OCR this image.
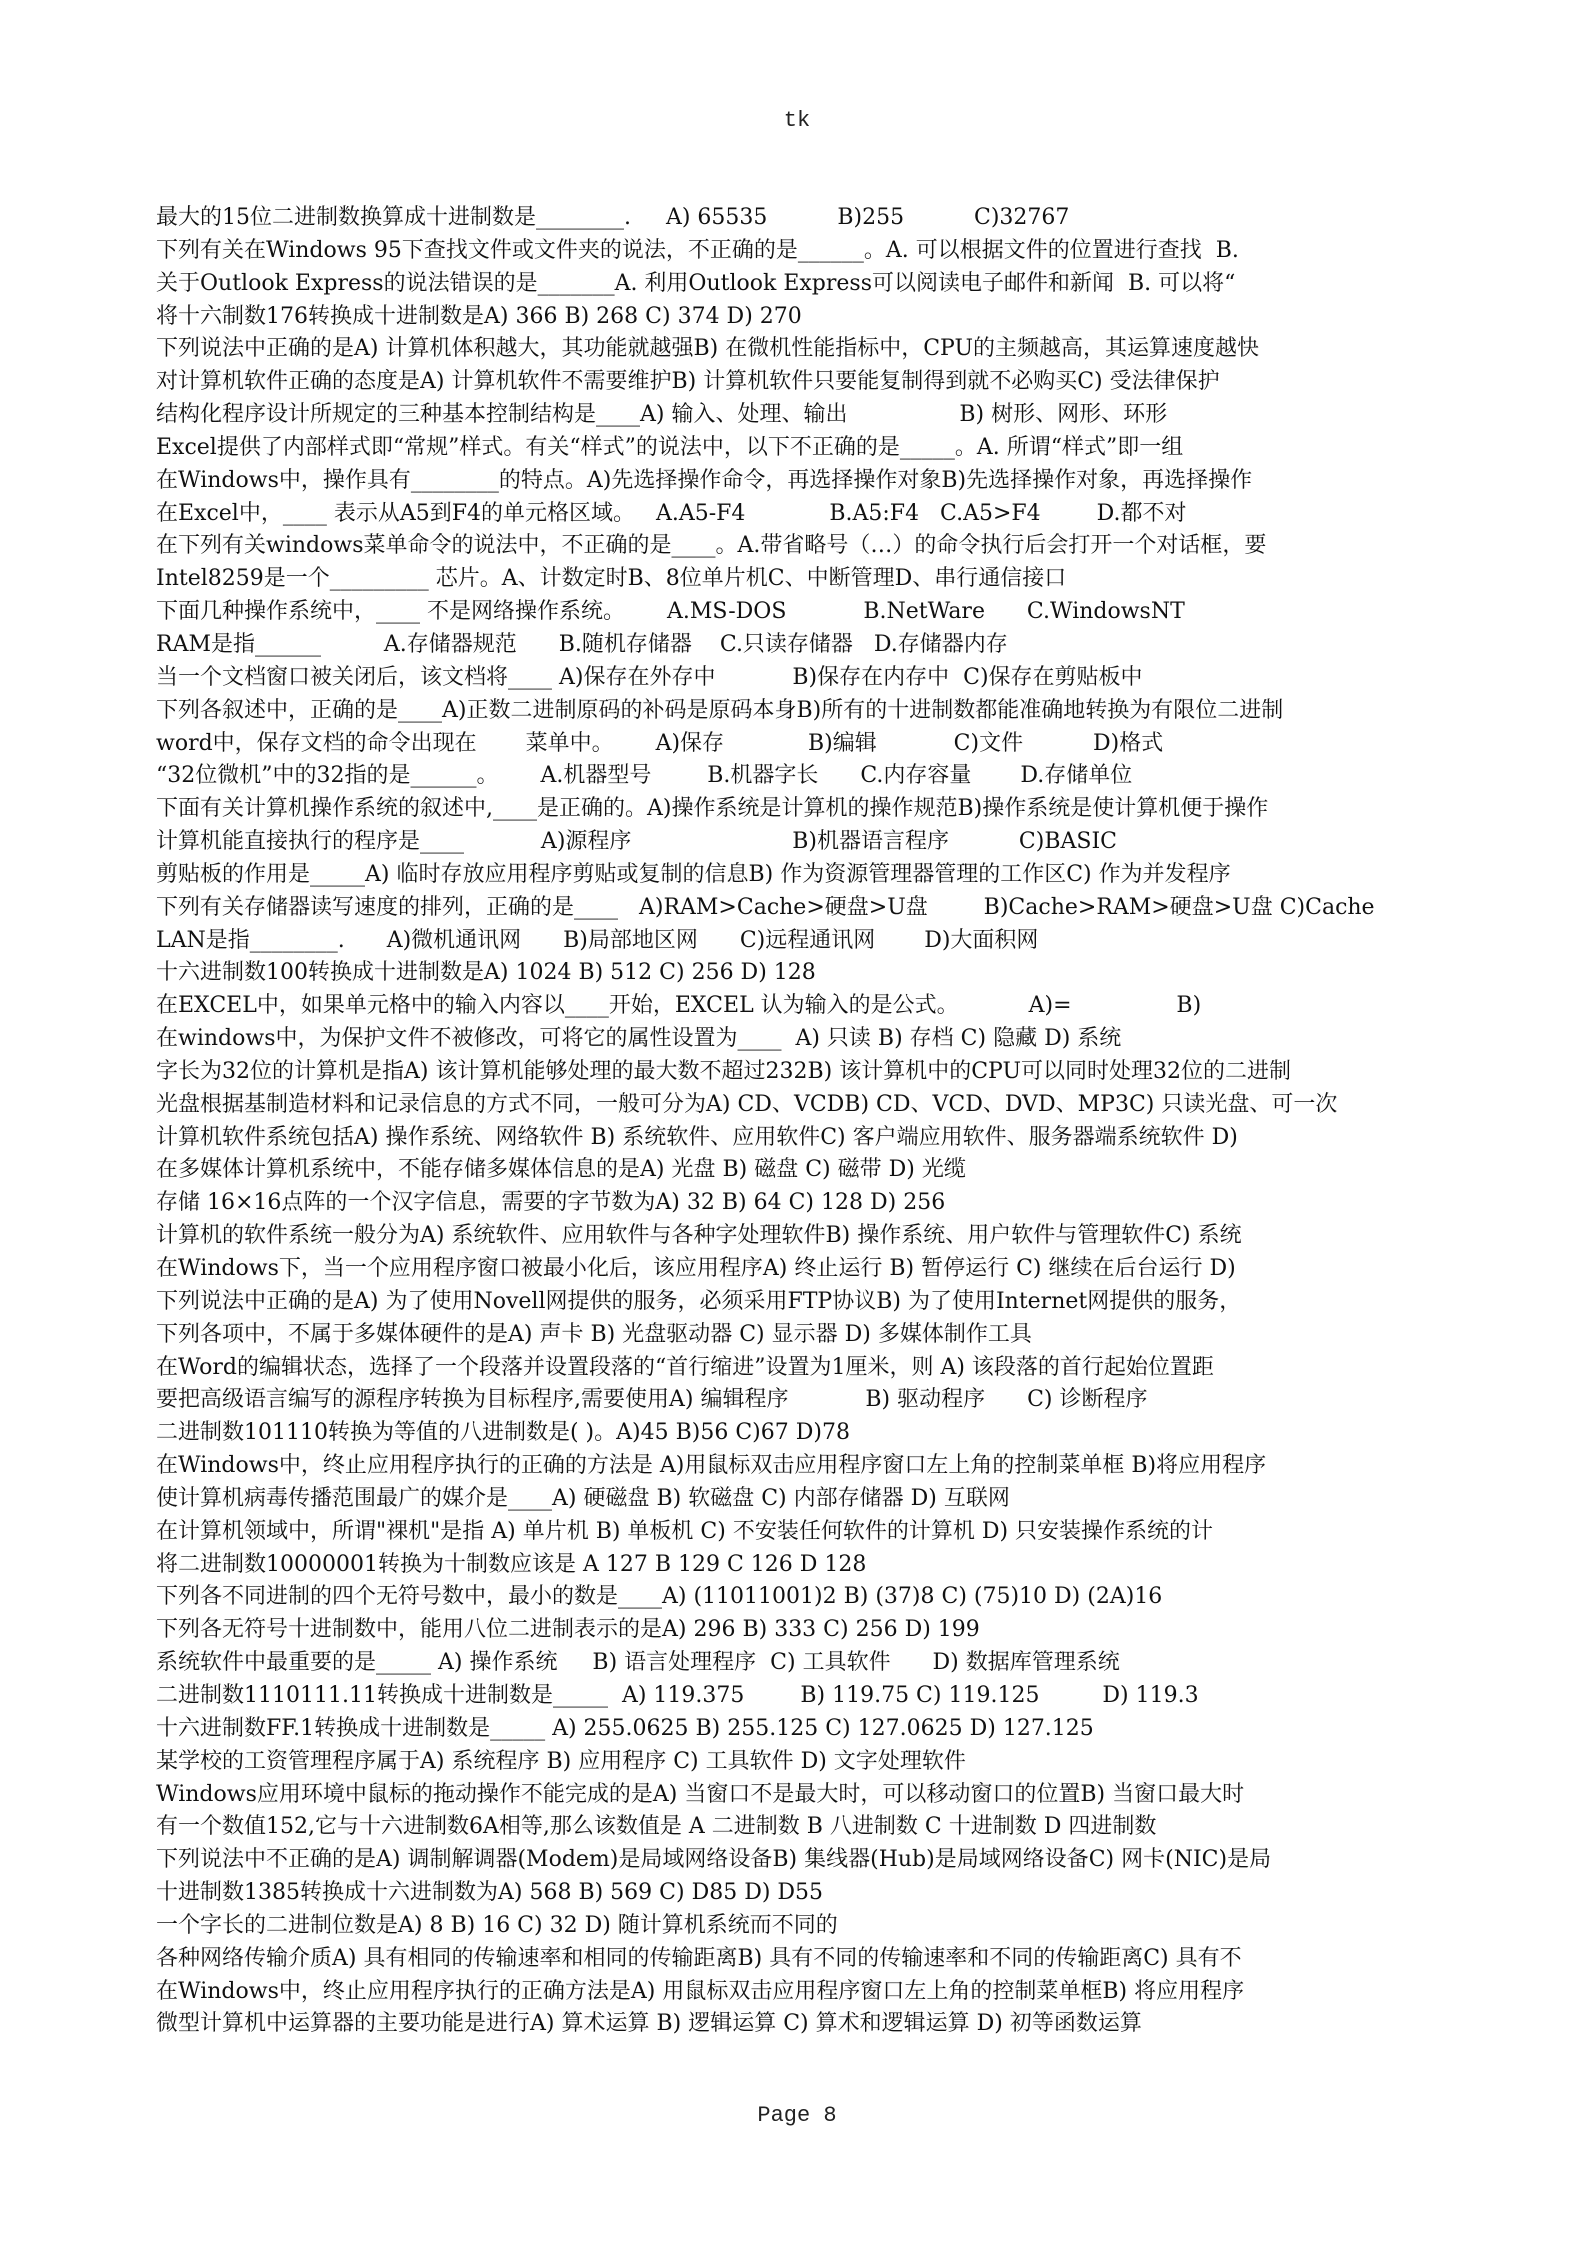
tk
最大的15位二进制数换算成十进制数是________.     A) 65535          B)255          C)32767
下列有关在Windows 95下查找文件或文件夹的说法，不正确的是______。A. 可以根据文件的位置进行查找  B.
关于Outlook Express的说法错误的是_______A. 利用Outlook Express可以阅读电子邮件和新闻  B. 可以将“
将十六制数176转换成十进制数是A) 366 B) 268 C) 374 D) 270
下列说法中正确的是A) 计算机体积越大，其功能就越强B) 在微机性能指标中，CPU的主频越高，其运算速度越快
对计算机软件正确的态度是A) 计算机软件不需要维护B) 计算机软件只要能复制得到就不必购买C) 受法律保护
结构化程序设计所规定的三种基本控制结构是____A) 输入、处理、输出                B) 树形、网形、环形
Excel提供了内部样式即“常规”样式。有关“样式”的说法中，以下不正确的是_____。A. 所谓“样式”即一组
在Windows中，操作具有________的特点。A)先选择操作命令，再选择操作对象B)先选择操作对象，再选择操作
在Excel中，____ 表示从A5到F4的单元格区域。   A.A5-F4            B.A5:F4   C.A5>F4        D.都不对
在下列有关windows菜单命令的说法中，不正确的是____。A.带省略号（…）的命令执行后会打开一个对话框，要
Intel8259是一个_________ 芯片。A、计数定时B、8位单片机C、中断管理D、串行通信接口
下面几种操作系统中，____ 不是网络操作系统。      A.MS-DOS           B.NetWare      C.WindowsNT
RAM是指______         A.存储器规范      B.随机存储器    C.只读存储器   D.存储器内存
当一个文档窗口被关闭后，该文档将____ A)保存在外存中           B)保存在内存中  C)保存在剪贴板中
下列各叙述中，正确的是____A)正数二进制原码的补码是原码本身B)所有的十进制数都能准确地转换为有限位二进制
word中，保存文档的命令出现在       菜单中。      A)保存            B)编辑           C)文件          D)格式
“32位微机”中的32指的是______。      A.机器型号        B.机器字长      C.内存容量       D.存储单位
下面有关计算机操作系统的叙述中,____是正确的。A)操作系统是计算机的操作规范B)操作系统是使计算机便于操作
计算机能直接执行的程序是____           A)源程序                       B)机器语言程序          C)BASIC
剪贴板的作用是_____A) 临时存放应用程序剪贴或复制的信息B) 作为资源管理器管理的工作区C) 作为并发程序
下列有关存储器读写速度的排列，正确的是____   A)RAM>Cache>硬盘>U盘        B)Cache>RAM>硬盘>U盘 C)Cache
LAN是指________.      A)微机通讯网      B)局部地区网      C)远程通讯网       D)大面积网
十六进制数100转换成十进制数是A) 1024 B) 512 C) 256 D) 128
在EXCEL中，如果单元格中的输入内容以____开始，EXCEL 认为输入的是公式。          A)=               B)
在windows中，为保护文件不被修改，可将它的属性设置为____  A) 只读 B) 存档 C) 隐藏 D) 系统
字长为32位的计算机是指A) 该计算机能够处理的最大数不超过232B) 该计算机中的CPU可以同时处理32位的二进制
光盘根据基制造材料和记录信息的方式不同，一般可分为A) CD、VCDB) CD、VCD、DVD、MP3C) 只读光盘、可一次
计算机软件系统包括A) 操作系统、网络软件 B) 系统软件、应用软件C) 客户端应用软件、服务器端系统软件 D)
在多媒体计算机系统中，不能存储多媒体信息的是A) 光盘 B) 磁盘 C) 磁带 D) 光缆
存储 16×16点阵的一个汉字信息，需要的字节数为A) 32 B) 64 C) 128 D) 256
计算机的软件系统一般分为A) 系统软件、应用软件与各种字处理软件B) 操作系统、用户软件与管理软件C) 系统
在Windows下，当一个应用程序窗口被最小化后，该应用程序A) 终止运行 B) 暂停运行 C) 继续在后台运行 D)
下列说法中正确的是A) 为了使用Novell网提供的服务，必须采用FTP协议B) 为了使用Internet网提供的服务，
下列各项中，不属于多媒体硬件的是A) 声卡 B) 光盘驱动器 C) 显示器 D) 多媒体制作工具
在Word的编辑状态，选择了一个段落并设置段落的“首行缩进”设置为1厘米，则 A) 该段落的首行起始位置距
要把高级语言编写的源程序转换为目标程序,需要使用A) 编辑程序           B) 驱动程序      C) 诊断程序
二进制数101110转换为等值的八进制数是( )。A)45 B)56 C)67 D)78
在Windows中，终止应用程序执行的正确的方法是 A)用鼠标双击应用程序窗口左上角的控制菜单框 B)将应用程序
使计算机病毒传播范围最广的媒介是____A) 硬磁盘 B) 软磁盘 C) 内部存储器 D) 互联网
在计算机领域中，所谓"裸机"是指 A) 单片机 B) 单板机 C) 不安装任何软件的计算机 D) 只安装操作系统的计
将二进制数10000001转换为十制数应该是 A 127 B 129 C 126 D 128
下列各不同进制的四个无符号数中，最小的数是____A) (11011001)2 B) (37)8 C) (75)10 D) (2A)16
下列各无符号十进制数中，能用八位二进制表示的是A) 296 B) 333 C) 256 D) 199
系统软件中最重要的是_____ A) 操作系统     B) 语言处理程序  C) 工具软件      D) 数据库管理系统
二进制数1110111.11转换成十进制数是_____  A) 119.375        B) 119.75 C) 119.125         D) 119.3
十六进制数FF.1转换成十进制数是_____ A) 255.0625 B) 255.125 C) 127.0625 D) 127.125
某学校的工资管理程序属于A) 系统程序 B) 应用程序 C) 工具软件 D) 文字处理软件
Windows应用环境中鼠标的拖动操作不能完成的是A) 当窗口不是最大时，可以移动窗口的位置B) 当窗口最大时
有一个数值152,它与十六进制数6A相等,那么该数值是 A 二进制数 B 八进制数 C 十进制数 D 四进制数
下列说法中不正确的是A) 调制解调器(Modem)是局域网络设备B) 集线器(Hub)是局域网络设备C) 网卡(NIC)是局
十进制数1385转换成十六进制数为A) 568 B) 569 C) D85 D) D55
一个字长的二进制位数是A) 8 B) 16 C) 32 D) 随计算机系统而不同的
各种网络传输介质A) 具有相同的传输速率和相同的传输距离B) 具有不同的传输速率和不同的传输距离C) 具有不
在Windows中，终止应用程序执行的正确方法是A) 用鼠标双击应用程序窗口左上角的控制菜单框B) 将应用程序
微型计算机中运算器的主要功能是进行A) 算术运算 B) 逻辑运算 C) 算术和逻辑运算 D) 初等函数运算
Page 8
